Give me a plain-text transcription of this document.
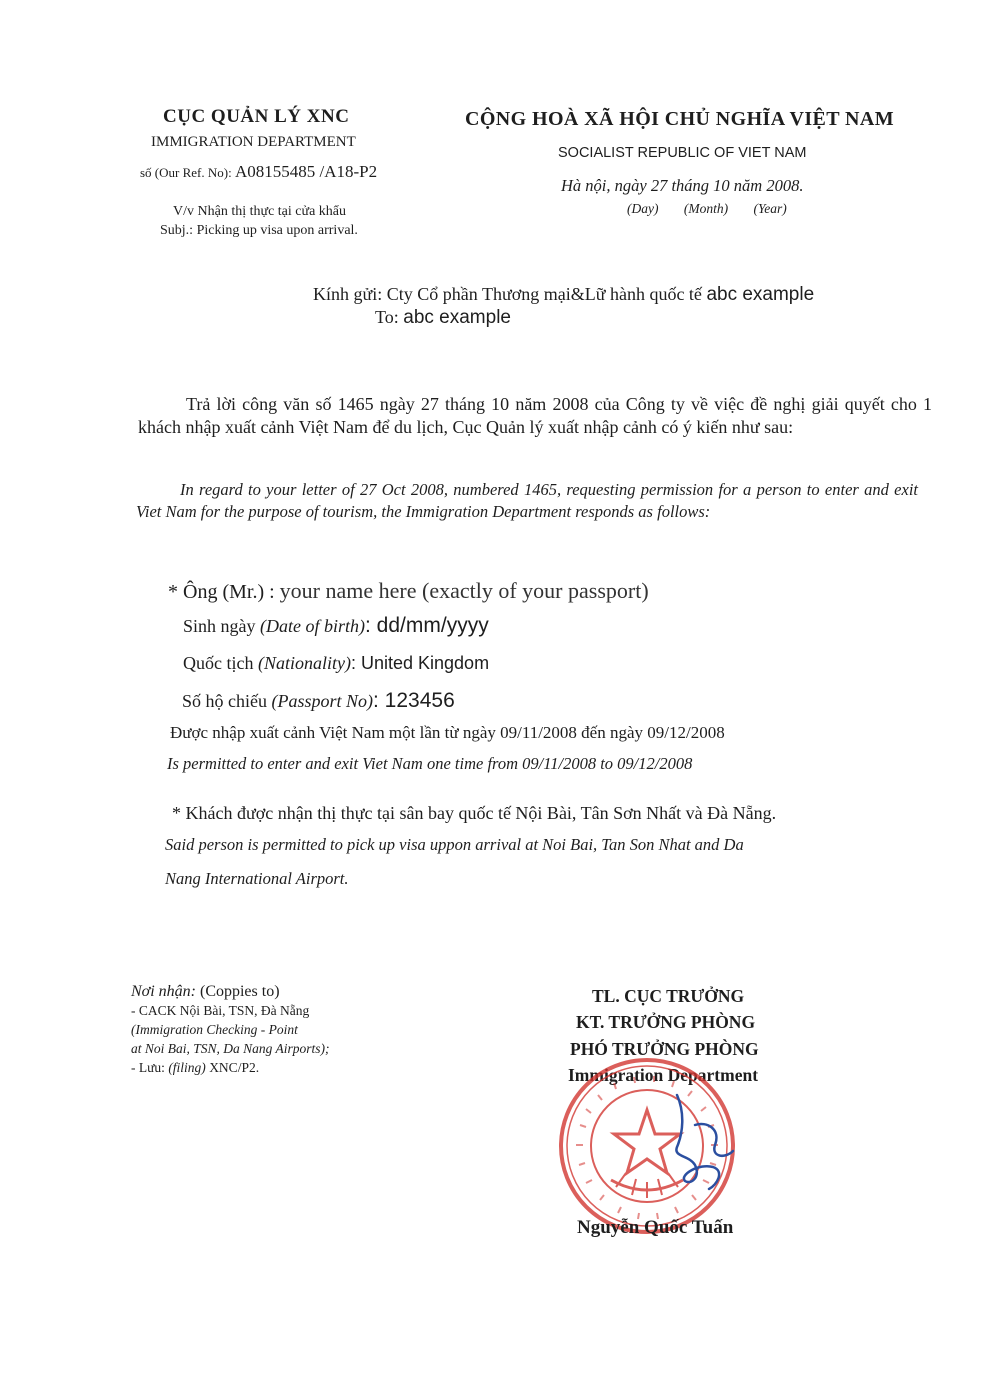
CỤC QUẢN LÝ XNC
IMMIGRATION DEPARTMENT
số (Our Ref. No): A08155485 /A18-P2
V/v Nhận thị thực tại cửa khẩu
Subj.: Picking up visa upon arrival.
CỘNG HOÀ XÃ HỘI CHỦ NGHĨA VIỆT NAM
SOCIALIST REPUBLIC OF VIET NAM
Hà nội, ngày 27 tháng 10 năm 2008.
(Day) (Month) (Year)
Kính gửi: Cty Cổ phần Thương mại&Lữ hành quốc tế abc example
To: abc example
Trả lời công văn số 1465 ngày 27 tháng 10 năm 2008 của Công ty về việc đề nghị giải quyết cho 1 khách nhập xuất cảnh Việt Nam để du lịch, Cục Quản lý xuất nhập cảnh có ý kiến như sau:
In regard to your letter of 27 Oct 2008, numbered 1465, requesting permission for a person to enter and exit Viet Nam for the purpose of tourism, the Immigration Department responds as follows:
* Ông (Mr.) : your name here (exactly of your passport)
Sinh ngày (Date of birth): dd/mm/yyyy
Quốc tịch (Nationality): United Kingdom
Số hộ chiếu (Passport No): 123456
Được nhập xuất cảnh Việt Nam một lần từ ngày 09/11/2008 đến ngày 09/12/2008
Is permitted to enter and exit Viet Nam one time from 09/11/2008 to 09/12/2008
* Khách được nhận thị thực tại sân bay quốc tế Nội Bài, Tân Sơn Nhất và Đà Nẵng.
Said person is permitted to pick up visa uppon arrival at Noi Bai, Tan Son Nhat and Da
Nang International Airport.
Nơi nhận: (Coppies to)
- CACK Nội Bài, TSN, Đà Nẵng
(Immigration Checking - Point
at Noi Bai, TSN, Da Nang Airports);
- Lưu: (filing) XNC/P2.
TL. CỤC TRƯỞNG
KT. TRƯỞNG PHÒNG
PHÓ TRƯỞNG PHÒNG
Immigration Department
Nguyễn Quốc Tuấn
